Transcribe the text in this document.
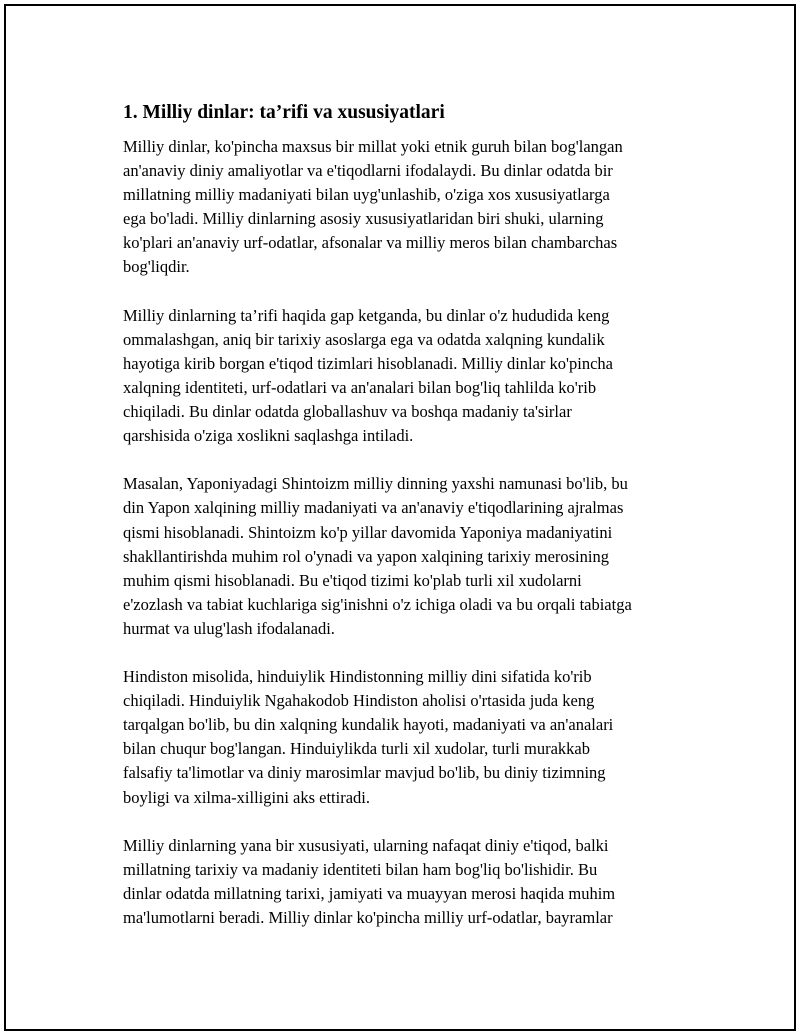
1. Milliy dinlar: ta’rifi va xususiyatlari

Milliy dinlar, ko'pincha maxsus bir millat yoki etnik guruh bilan bog'langan
an'anaviy diniy amaliyotlar va e'tiqodlarni ifodalaydi. Bu dinlar odatda bir
millatning milliy madaniyati bilan uyg'unlashib, o'ziga xos xususiyatlarga
ega bo'ladi. Milliy dinlarning asosiy xususiyatlaridan biri shuki, ularning
ko'plari an'anaviy urf-odatlar, afsonalar va milliy meros bilan chambarchas
bog'liqdir.

Milliy dinlarning ta’rifi haqida gap ketganda, bu dinlar o'z hududida keng
ommalashgan, aniq bir tarixiy asoslarga ega va odatda xalqning kundalik
hayotiga kirib borgan e'tiqod tizimlari hisoblanadi. Milliy dinlar ko'pincha
xalqning identiteti, urf-odatlari va an'analari bilan bog'liq tahlilda ko'rib
chiqiladi. Bu dinlar odatda globallashuv va boshqa madaniy ta'sirlar
qarshisida o'ziga xoslikni saqlashga intiladi.

Masalan, Yaponiyadagi Shintoizm milliy dinning yaxshi namunasi bo'lib, bu
din Yapon xalqining milliy madaniyati va an'anaviy e'tiqodlarining ajralmas
qismi hisoblanadi. Shintoizm ko'p yillar davomida Yaponiya madaniyatini
shakllantirishda muhim rol o'ynadi va yapon xalqining tarixiy merosining
muhim qismi hisoblanadi. Bu e'tiqod tizimi ko'plab turli xil xudolarni
e'zozlash va tabiat kuchlariga sig'inishni o'z ichiga oladi va bu orqali tabiatga
hurmat va ulug'lash ifodalanadi.

Hindiston misolida, hinduiylik Hindistonning milliy dini sifatida ko'rib
chiqiladi. Hinduiylik Ngahakodob Hindiston aholisi o'rtasida juda keng
tarqalgan bo'lib, bu din xalqning kundalik hayoti, madaniyati va an'analari
bilan chuqur bog'langan. Hinduiylikda turli xil xudolar, turli murakkab
falsafiy ta'limotlar va diniy marosimlar mavjud bo'lib, bu diniy tizimning
boyligi va xilma-xilligini aks ettiradi.

Milliy dinlarning yana bir xususiyati, ularning nafaqat diniy e'tiqod, balki
millatning tarixiy va madaniy identiteti bilan ham bog'liq bo'lishidir. Bu
dinlar odatda millatning tarixi, jamiyati va muayyan merosi haqida muhim
ma'lumotlarni beradi. Milliy dinlar ko'pincha milliy urf-odatlar, bayramlar
